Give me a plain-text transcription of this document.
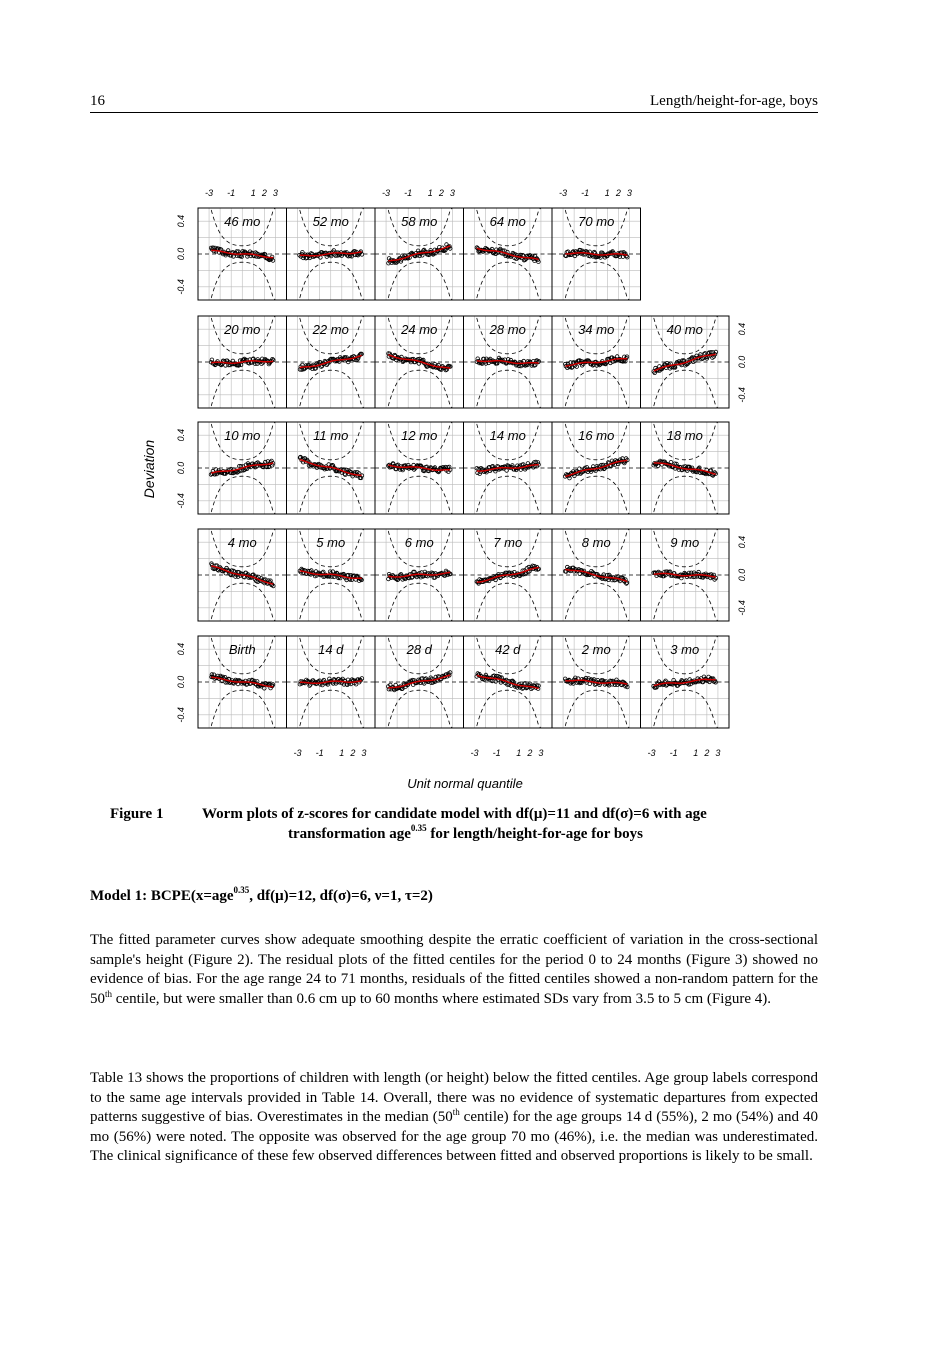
16	Length/height-for-age, boys
46 mo	52 mo	58 mo	64 mo	70 mo
20 mo	22 mo	24 mo	28 mo	34 mo	40 mo
10 mo	11 mo	12 mo	14 mo	16 mo	18 mo
4 mo	5 mo	6 mo	7 mo	8 mo	9 mo
Birth	14 d	28 d	42 d	2 mo	3 mo
-3 -1 1 2 3	-3 -1 1 2 3	-3 -1 1 2 3
-3 -1 1 2 3	-3 -1 1 2 3	-3 -1 1 2 3
-0.4
0.0
0.4
-0.4
0.0
0.4
-0.4
0.0
0.4
-0.4
0.0
0.4
-0.4
0.0
0.4
Deviation
Unit normal quantile
Figure 1	Worm plots of z-scores for candidate model with df(μ)=11 and df(σ)=6 with age
transformation age$^{0.35}$ for length/height-for-age for boys
Model 1: BCPE(x=age$^{0.35}$, df(μ)=12, df(σ)=6, ν=1, τ=2)

The fitted parameter curves show adequate smoothing despite the erratic coefficient of variation in the cross-sectional sample's height (Figure 2). The residual plots of the fitted centiles for the period 0 to 24 months (Figure 3) showed no evidence of bias. For the age range 24 to 71 months, residuals of the fitted centiles showed a non-random pattern for the 50th centile, but were smaller than 0.6 cm up to 60 months where estimated SDs vary from 3.5 to 5 cm (Figure 4).

Table 13 shows the proportions of children with length (or height) below the fitted centiles. Age group labels correspond to the same age intervals provided in Table 14. Overall, there was no evidence of systematic departures from expected patterns suggestive of bias. Overestimates in the median (50th centile) for the age groups 14 d (55%), 2 mo (54%) and 40 mo (56%) were noted. The opposite was observed for the age group 70 mo (46%), i.e. the median was underestimated. The clinical significance of these few observed differences between fitted and observed proportions is likely to be small.
